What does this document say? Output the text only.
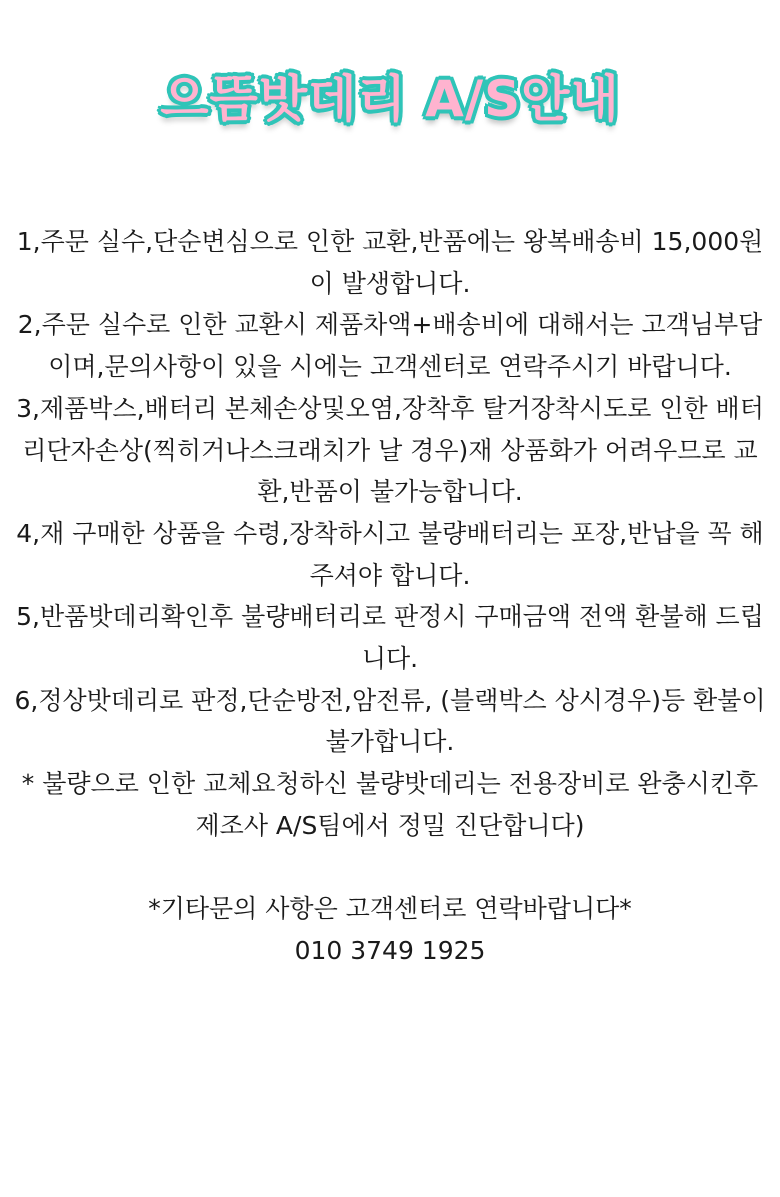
으뜸밧데리 A/S안내

1,주문 실수,단순변심으로 인한 교환,반품에는 왕복배송비 15,000원이 발생합니다.

2,주문 실수로 인한 교환시 제품차액+배송비에 대해서는 고객님부담이며,문의사항이 있을 시에는 고객센터로 연락주시기 바랍니다.

3,제품박스,배터리 본체손상및오염,장착후 탈거장착시도로 인한 배터리단자손상(찍히거나스크래치가 날 경우)재 상품화가 어려우므로 교환,반품이 불가능합니다.

4,재 구매한 상품을 수령,장착하시고 불량배터리는 포장,반납을 꼭 해주셔야 합니다.

5,반품밧데리확인후 불량배터리로 판정시 구매금액 전액 환불해 드립니다.

6,정상밧데리로 판정,단순방전,암전류, (블랙박스 상시경우)등 환불이 불가합니다.

* 불량으로 인한 교체요청하신 불량밧데리는 전용장비로 완충시킨후 제조사 A/S팀에서 정밀 진단합니다)

*기타문의 사항은 고객센터로 연락바랍니다*

010 3749 1925
